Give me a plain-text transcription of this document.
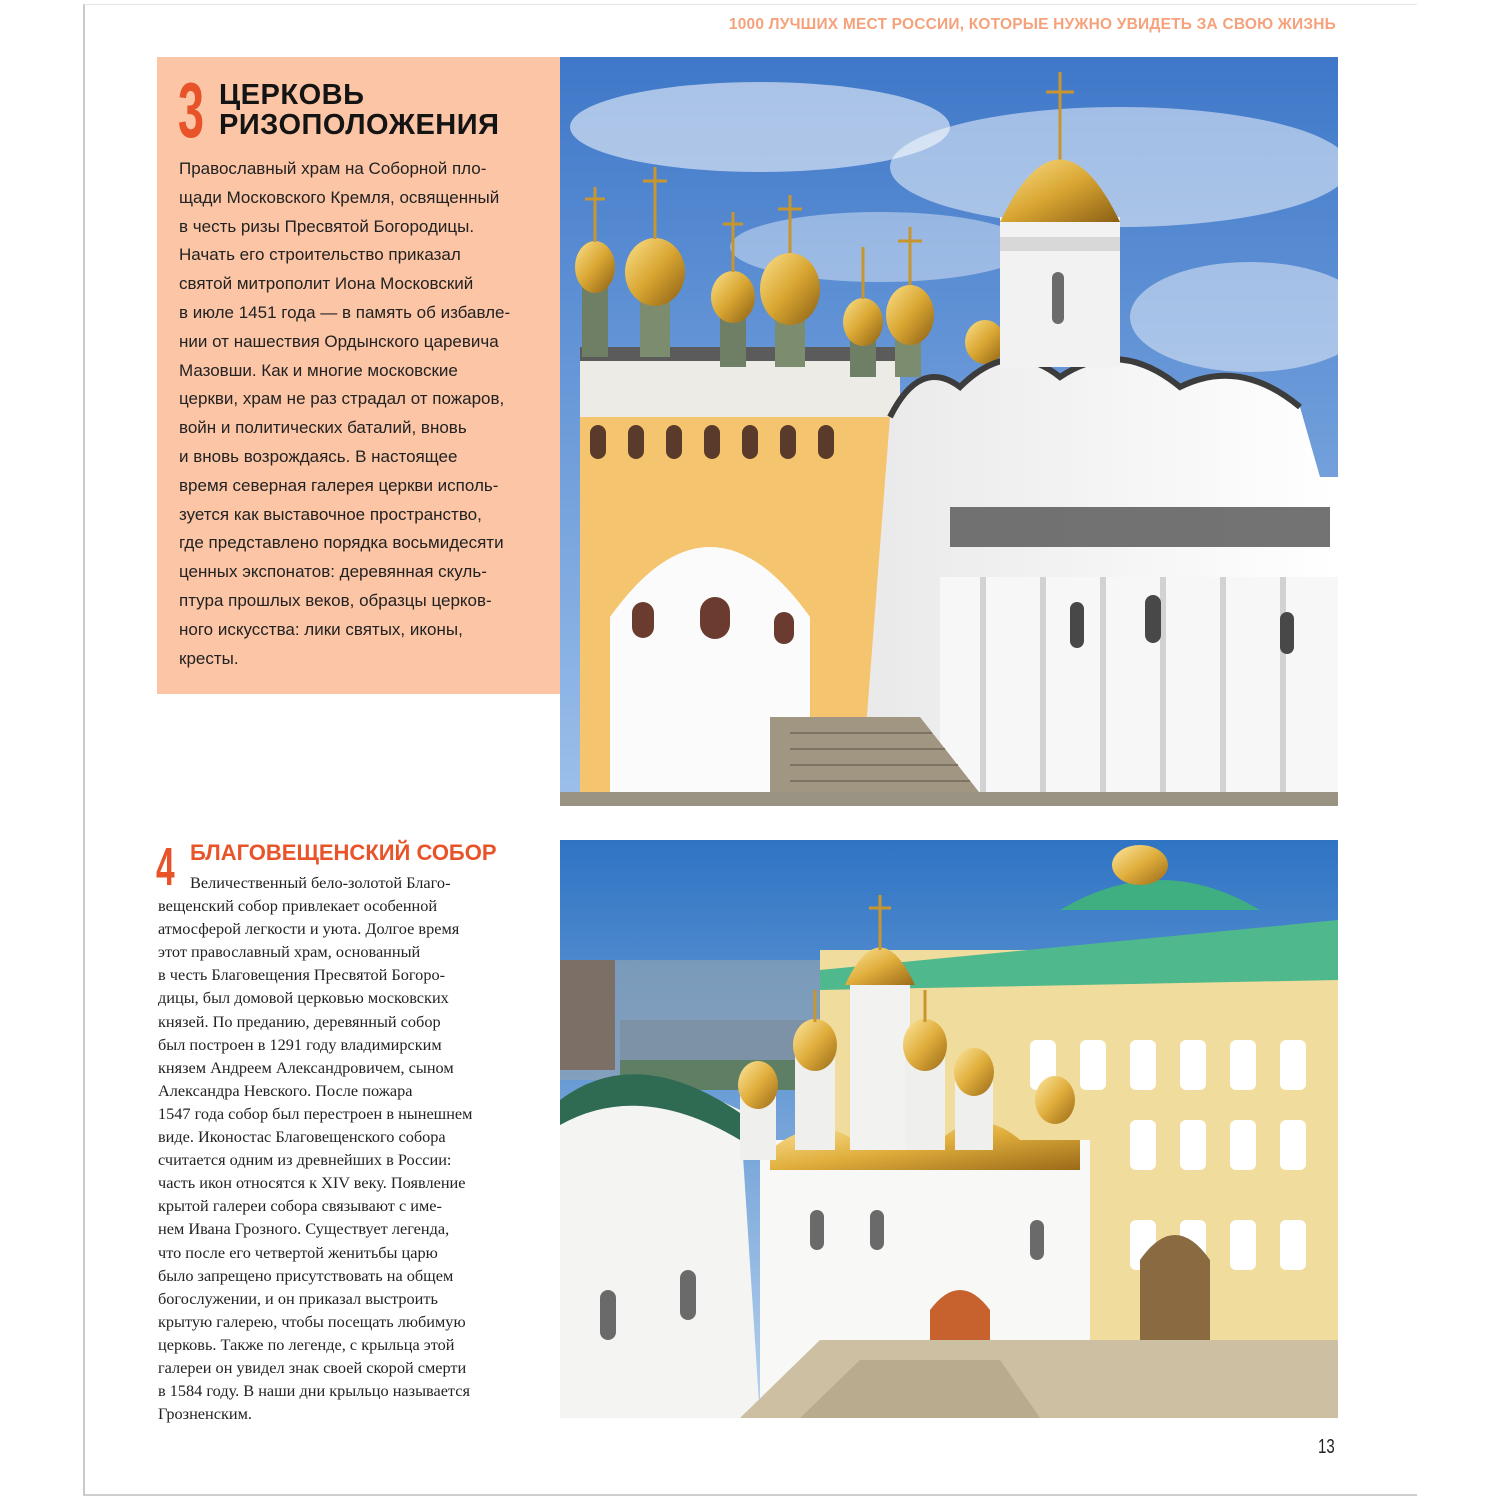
1000 ЛУЧШИХ МЕСТ РОССИИ, КОТОРЫЕ НУЖНО УВИДЕТЬ ЗА СВОЮ ЖИЗНЬ
3 ЦЕРКОВЬ
РИЗОПОЛОЖЕНИЯ
Православный храм на Соборной пло-
щади Московского Кремля, освященный
в честь ризы Пресвятой Богородицы.
Начать его строительство приказал
святой митрополит Иона Московский
в июле 1451 года — в память об избавле-
нии от нашествия Ордынского царевича
Мазовши. Как и многие московские
церкви, храм не раз страдал от пожаров,
войн и политических баталий, вновь
и вновь возрождаясь. В настоящее
время северная галерея церкви исполь-
зуется как выставочное пространство,
где представлено порядка восьмидесяти
ценных экспонатов: деревянная скуль-
птура прошлых веков, образцы церков-
ного искусства: лики святых, иконы,
кресты.
4 БЛАГОВЕЩЕНСКИЙ СОБОР
Величественный бело-золотой Благо-
вещенский собор привлекает особенной
атмосферой легкости и уюта. Долгое время
этот православный храм, основанный
в честь Благовещения Пресвятой Богоро-
дицы, был домовой церковью московских
князей. По преданию, деревянный собор
был построен в 1291 году владимирским
князем Андреем Александровичем, сыном
Александра Невского. После пожара
1547 года собор был перестроен в нынешнем
виде. Иконостас Благовещенского собора
считается одним из древнейших в России:
часть икон относятся к XIV веку. Появление
крытой галереи собора связывают с име-
нем Ивана Грозного. Существует легенда,
что после его четвертой женитьбы царю
было запрещено присутствовать на общем
богослужении, и он приказал выстроить
крытую галерею, чтобы посещать любимую
церковь. Также по легенде, с крыльца этой
галереи он увидел знак своей скорой смерти
в 1584 году. В наши дни крыльцо называется
Грозненским.
13
